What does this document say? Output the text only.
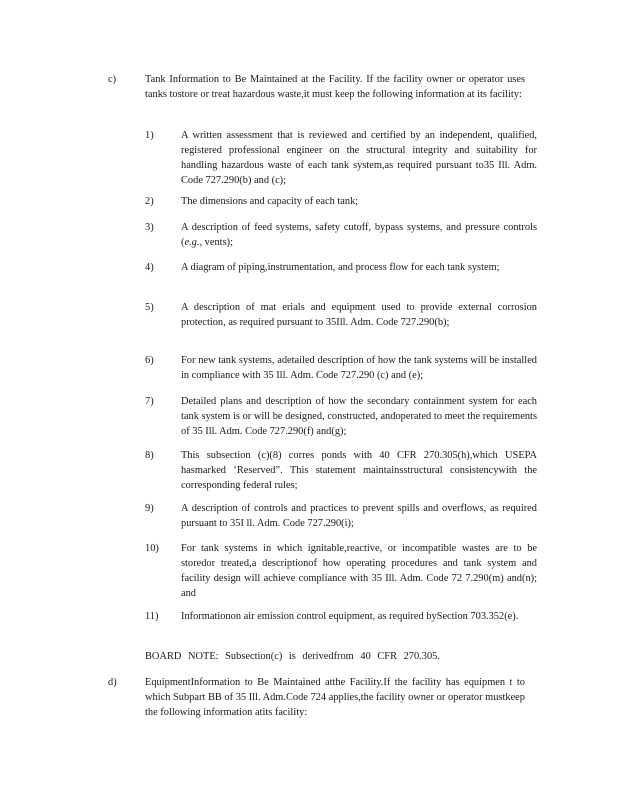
c)	Tank Information to Be Maintained at the Facility. If the facility owner or operator uses tanks tostore or treat hazardous waste,it must keep the following information at its facility:
1)	A written assessment that is reviewed and certified by an independent, qualified, registered professional engineer on the structural integrity and suitability for handling hazardous waste of each tank system,as required pursuant to35 Ill. Adm. Code 727.290(b) and (c);
2)	The dimensions and capacity of each tank;
3)	A description of feed systems, safety cutoff, bypass systems, and pressure controls (e.g., vents);
4)	A diagram of piping,instrumentation, and process flow for each tank system;
5)	A description of mat erials and equipment used to provide external corrosion protection, as required pursuant to 35Ill. Adm. Code 727.290(b);
6)	For new tank systems, adetailed description of how the tank systems will be installed in compliance with 35 Ill. Adm. Code 727.290 (c) and (e);
7)	Detailed plans and description of how the secondary containment system for each tank system is or will be designed, constructed, andoperated to meet the requirements of 35 Ill. Adm. Code 727.290(f) and(g);
8)	This subsection (c)(8) corres ponds with 40 CFR 270.305(h),which USEPA hasmarked ‘Reserved”. This statement maintainsstructural consistencywith the corresponding federal rules;
9)	A description of controls and practices to prevent spills and overflows, as required pursuant to 35I ll. Adm. Code 727.290(i);
10) For tank systems in which ignitable,reactive, or incompatible wastes are to be storedor treated,a descriptionof how operating procedures and tank system and facility design will achieve compliance with 35 Ill. Adm. Code 72 7.290(m) and(n); and
11) Informationon air emission control equipment, as required bySection 703.352(e).
BOARD NOTE: Subsection(c) is derivedfrom 40 CFR 270.305.
d)	EquipmentInformation to Be Maintained atthe Facility.If the facility has equipmen t to which Subpart BB of 35 Ill. Adm.Code 724 applies,the facility owner or operator mustkeep the following information atits facility:
